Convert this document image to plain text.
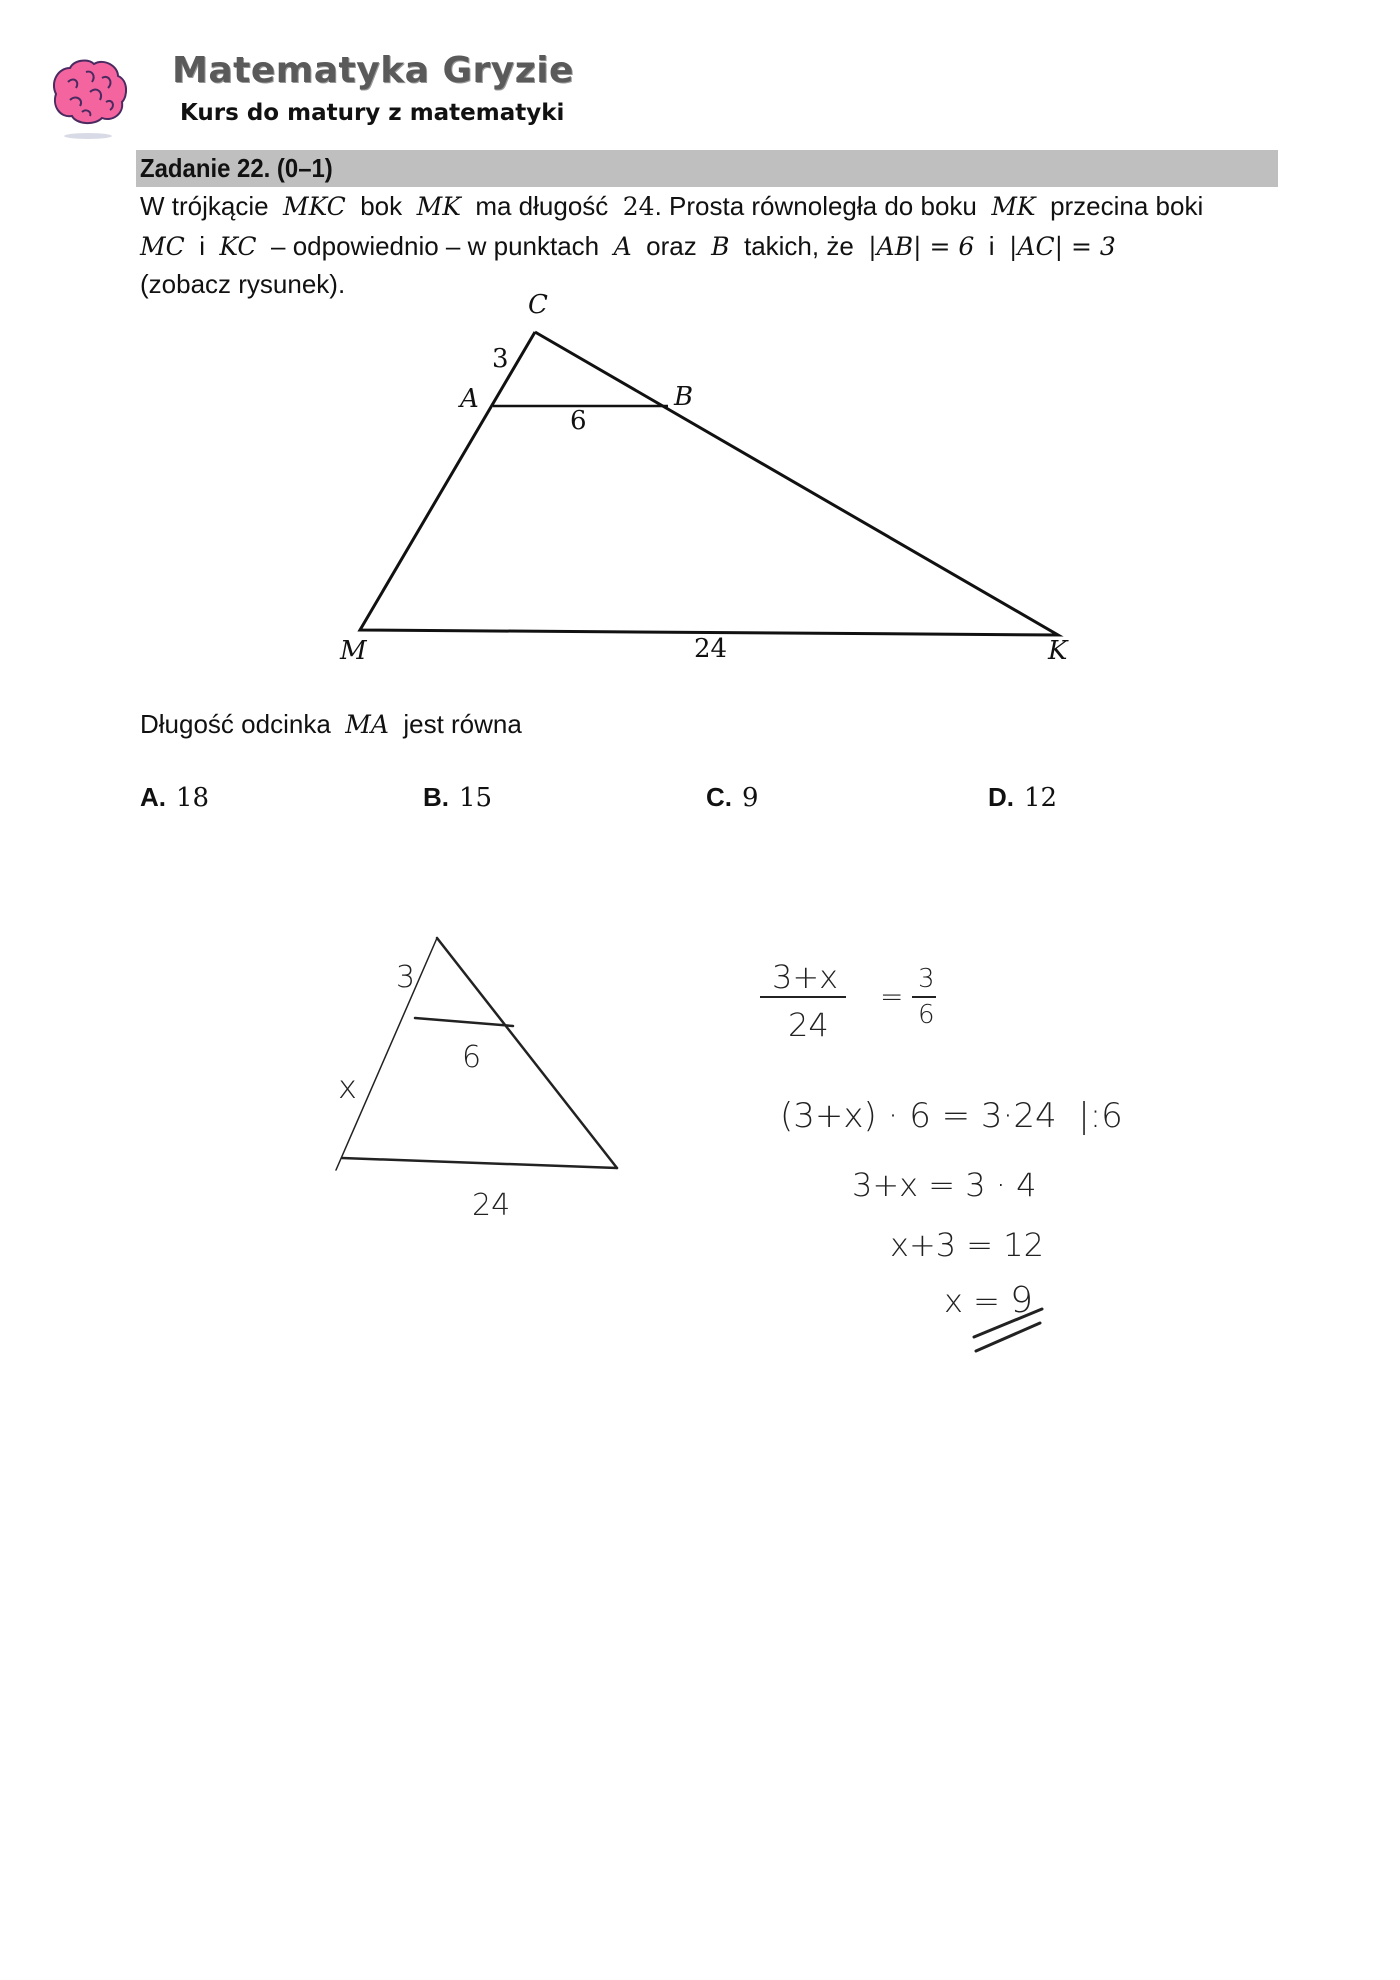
Matematyka Gryzie
Kurs do matury z matematyki
Zadanie 22. (0–1)
W trójkącie MKC bok MK ma długość 24. Prosta równoległa do boku MK przecina boki
MC i KC – odpowiednio – w punktach A oraz B takich, że |AB| = 6 i |AC| = 3
(zobacz rysunek).
C
3
A	B
6
M	24	K
Długość odcinka MA jest równa
A. 18	B. 15	C. 9	D. 12
3
6
x
24
3+x
24
=
3
6
(3+x) · 6 = 3·24  |:6
3+x = 3 · 4
x+3 = 12
x = 9
